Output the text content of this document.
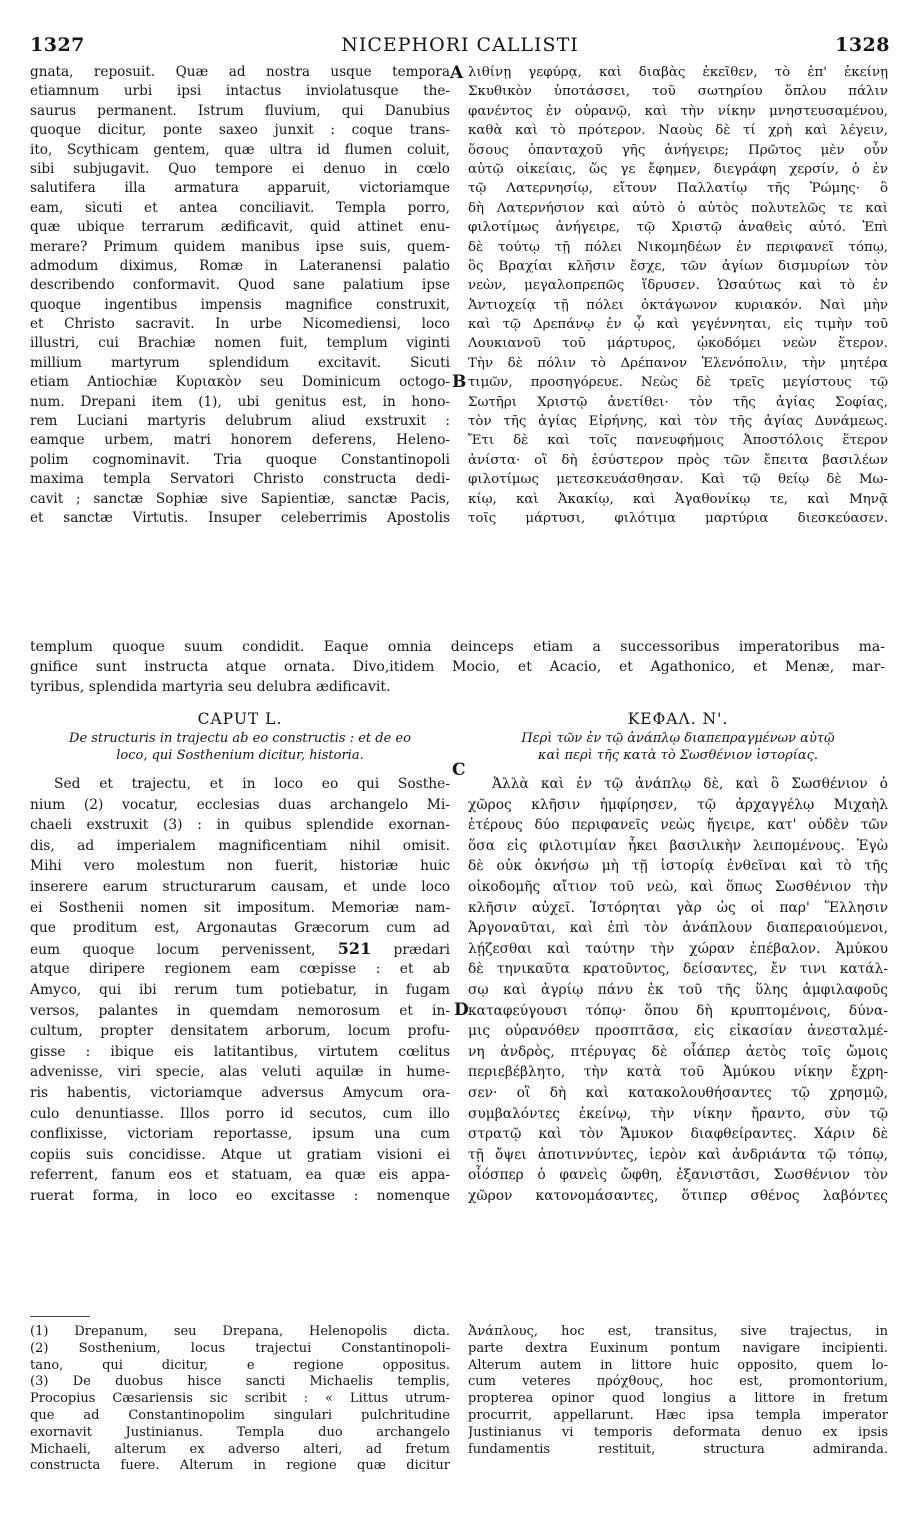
1327	NICEPHORI CALLISTI	1328
A
B
C
D
gnata, reposuit. Quæ ad nostra usque tempora
etiamnum urbi ipsi intactus inviolatusque the-
saurus permanent. Istrum fluvium, qui Danubius
quoque dicitur, ponte saxeo junxit : coque trans-
ito, Scythicam gentem, quæ ultra id flumen coluit,
sibi subjugavit. Quo tempore ei denuo in cœlo
salutifera illa armatura apparuit, victoriamque
eam, sicuti et antea conciliavit. Templa porro,
quæ ubique terrarum ædificavit, quid attinet enu-
merare? Primum quidem manibus ipse suis, quem-
admodum diximus, Romæ in Lateranensi palatio
describendo conformavit. Quod sane palatium ipse
quoque ingentibus impensis magnifice construxit,
et Christo sacravit. In urbe Nicomediensi, loco
illustri, cui Brachiæ nomen fuit, templum viginti
millium martyrum splendidum excitavit. Sicuti
etiam Antiochiæ Κυριακὸν seu Dominicum octogo-
num. Drepani item (1), ubi genitus est, in hono-
rem Luciani martyris delubrum aliud exstruxit :
eamque urbem, matri honorem deferens, Heleno-
polim cognominavit. Tria quoque Constantinopoli
maxima templa Servatori Christo constructa dedi-
cavit ; sanctæ Sophiæ sive Sapientiæ, sanctæ Pacis,
et sanctæ Virtutis. Insuper celeberrimis Apostolis
λιθίνῃ γεφύρᾳ, καὶ διαβὰς ἐκεῖθεν, τὸ ἐπ' ἐκείνῃ
Σκυθικὸν ὑποτάσσει, τοῦ σωτηρίου ὅπλου πάλιν
φανέντος ἐν οὐρανῷ, καὶ τὴν νίκην μνηστευσαμένου,
καθὰ καὶ τὸ πρότερον. Ναοὺς δὲ τί χρὴ καὶ λέγειν,
ὅσους ὁπανταχοῦ γῆς ἀνήγειρε; Πρῶτος μὲν οὖν
αὐτῷ οἰκείαις, ὥς γε ἔφημεν, διεγράφη χερσίν, ὁ ἐν
τῷ Λατερνησίῳ, εἴτουν Παλλατίῳ τῆς Ῥώμης· ὃ
δὴ Λατερνήσιον καὶ αὐτὸ ὁ αὐτὸς πολυτελῶς τε καὶ
φιλοτίμως ἀνήγειρε, τῷ Χριστῷ ἀναθεὶς αὐτό. Ἐπὶ
δὲ τούτῳ τῇ πόλει Νικομηδέων ἐν περιφανεῖ τόπῳ,
ὃς Βραχίαι κλῆσιν ἔσχε, τῶν ἁγίων δισμυρίων τὸν
νεὼν, μεγαλοπρεπῶς ἵδρυσεν. Ὡσαύτως καὶ τὸ ἐν
Ἀντιοχείᾳ τῇ πόλει ὀκτάγωνον κυριακόν. Ναὶ μὴν
καὶ τῷ Δρεπάνῳ ἐν ᾧ καὶ γεγέννηται, εἰς τιμὴν τοῦ
Λουκιανοῦ τοῦ μάρτυρος, ᾠκοδόμει νεὼν ἕτερον.
Τὴν δὲ πόλιν τὸ Δρέπανον Ἑλενόπολιν, τὴν μητέρα
τιμῶν, προσηγόρευε. Νεὼς δὲ τρεῖς μεγίστους τῷ
Σωτῆρι Χριστῷ ἀνετίθει· τὸν τῆς ἁγίας Σοφίας,
τὸν τῆς ἁγίας Εἰρήνης, καὶ τὸν τῆς ἁγίας Δυνάμεως.
Ἔτι δὲ καὶ τοῖς πανευφήμοις Ἀποστόλοις ἕτερον
ἀνίστα· οἳ δὴ ἐσύστερον πρὸς τῶν ἔπειτα βασιλέων
φιλοτίμως μετεσκευάσθησαν. Καὶ τῷ θείῳ δὲ Μω-
κίῳ, καὶ Ἀκακίῳ, καὶ Ἀγαθονίκῳ τε, καὶ Μηνᾷ
τοῖς μάρτυσι, φιλότιμα μαρτύρια διεσκεύασεν.
templum quoque suum condidit. Eaque omnia deinceps etiam a successoribus imperatoribus ma-
gnifice sunt instructa atque ornata. Divo‚itidem Mocio, et Acacio, et Agathonico, et Menæ, mar-
tyribus, splendida martyria seu delubra ædificavit.
CAPUT L.
De structuris in trajectu ab eo constructis : et de eo
loco, qui Sosthenium dicitur, historia.
Sed et trajectu, et in loco eo qui Sosthe-
nium (2) vocatur, ecclesias duas archangelo Mi-
chaeli exstruxit (3) : in quibus splendide exornan-
dis, ad imperialem magnificentiam nihil omisit.
Mihi vero molestum non fuerit, historiæ huic
inserere earum structurarum causam, et unde loco
ei Sosthenii nomen sit impositum. Memoriæ nam-
que proditum est, Argonautas Græcorum cum ad
eum quoque locum pervenissent, 521 prædari
atque diripere regionem eam cœpisse : et ab
Amyco, qui ibi rerum tum potiebatur, in fugam
versos, palantes in quemdam nemorosum et in-
cultum, propter densitatem arborum, locum profu-
gisse : ibique eis latitantibus, virtutem cœlitus
advenisse, viri specie, alas veluti aquilæ in hume-
ris habentis, victoriamque adversus Amycum ora-
culo denuntiasse. Illos porro id secutos, cum illo
conflixisse, victoriam reportasse, ipsum una cum
copiis suis concidisse. Atque ut gratiam visioni ei
referrent, fanum eos et statuam, ea quæ eis appa-
ruerat forma, in loco eo excitasse : nomenque
ΚΕΦΑΛ. Ν'.
Περὶ τῶν ἐν τῷ ἀνάπλῳ διαπεπραγμένων αὐτῷ
καὶ περὶ τῆς κατὰ τὸ Σωσθένιον ἱστορίας.
Ἀλλὰ καὶ ἐν τῷ ἀνάπλῳ δὲ, καὶ ὃ Σωσθένιον ὁ
χῶρος κλῆσιν ἠμφίρησεν, τῷ ἀρχαγγέλῳ Μιχαὴλ
ἑτέρους δύο περιφανεῖς νεὼς ἤγειρε, κατ' οὐδὲν τῶν
ὅσα εἰς φιλοτιμίαν ἧκει βασιλικὴν λειπομένους. Ἐγὼ
δὲ οὐκ ὀκνήσω μὴ τῇ ἱστορίᾳ ἐνθεῖναι καὶ τὸ τῆς
οἰκοδομῆς αἴτιον τοῦ νεὼ, καὶ ὅπως Σωσθένιον τὴν
κλῆσιν αὐχεῖ. Ἱστόρηται γὰρ ὡς οἱ παρ' Ἕλλησιν
Ἀργοναῦται, καὶ ἐπὶ τὸν ἀνάπλουν διαπεραιούμενοι,
λῄζεσθαι καὶ ταύτην τὴν χώραν ἐπέβαλον. Ἀμύκου
δὲ τηνικαῦτα κρατοῦντος, δείσαντες, ἔν τινι κατάλ-
σῳ καὶ ἀγρίῳ πάνυ ἐκ τοῦ τῆς ὕλης ἀμφιλαφοῦς
καταφεύγουσι τόπῳ· ὅπου δὴ κρυπτομένοις, δύνα-
μις οὐρανόθεν προσπτᾶσα, εἰς εἰκασίαν ἀνεσταλμέ-
νη ἀνδρὸς, πτέρυγας δὲ οἷάπερ ἀετὸς τοῖς ὤμοις
περιεβέβλητο, τὴν κατὰ τοῦ Ἀμύκου νίκην ἔχρη-
σεν· οἳ δὴ καὶ κατακολουθήσαντες τῷ χρησμῷ,
συμβαλόντες ἐκείνῳ, τὴν νίκην ἤραντο, σὺν τῷ
στρατῷ καὶ τὸν Ἄμυκον διαφθείραντες. Χάριν δὲ
τῇ ὄψει ἀποτιννύντες, ἱερὸν καὶ ἀνδριάντα τῷ τόπῳ,
οἷόσπερ ὁ φανεὶς ὤφθη, ἐξανιστᾶσι, Σωσθένιον τὸν
χῶρον κατονομάσαντες, ὅτιπερ σθένος λαβόντες
(1) Drepanum, seu Drepana, Helenopolis dicta.
(2) Sosthenium, locus trajectui Constantinopoli-
tano, qui dicitur, e regione oppositus.
(3) De duobus hisce sancti Michaelis templis,
Procopius Cæsariensis sic scribit : « Littus utrum-
que ad Constantinopolim singulari pulchritudine
exornavit Justinianus. Templa duo archangelo
Michaeli, alterum ex adverso alteri, ad fretum
constructa fuere. Alterum in regione quæ dicitur
Ἀνάπλους, hoc est, transitus, sive trajectus, in
parte dextra Euxinum pontum navigare incipienti.
Alterum autem in littore huic opposito, quem lo-
cum veteres πρόχθους, hoc est, promontorium,
propterea opinor quod longius a littore in fretum
procurrit, appellarunt. Hæc ipsa templa imperator
Justinianus vi temporis deformata denuo ex ipsis
fundamentis restituit, structura admiranda.
